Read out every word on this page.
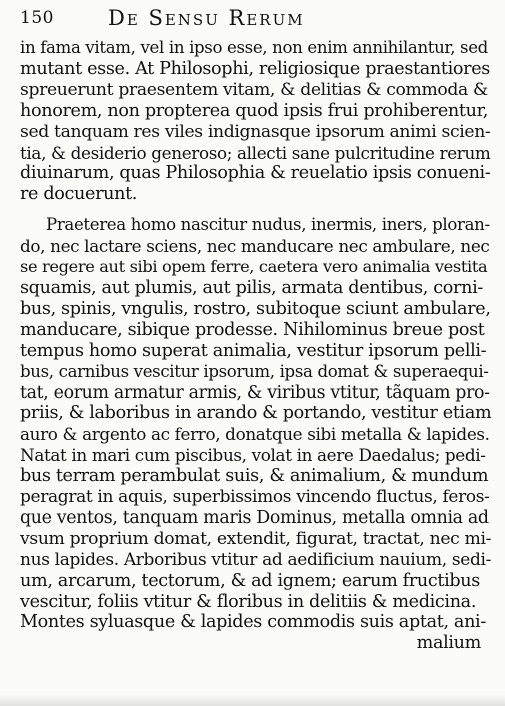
150	De Sensu Rerum
in fama vitam, vel in ipso esse, non enim annihilantur, sed
mutant esse. At Philosophi, religiosique praestantiores
spreuerunt praesentem vitam, & delitias & commoda &
honorem, non propterea quod ipsis frui prohiberentur,
sed tanquam res viles indignasque ipsorum animi scien-
tia, & desiderio generoso; allecti sane pulcritudine rerum
diuinarum, quas Philosophia & reuelatio ipsis conueni-
re docuerunt.
Praeterea homo nascitur nudus, inermis, iners, ploran-
do, nec lactare sciens, nec manducare nec ambulare, nec
se regere aut sibi opem ferre, caetera vero animalia vestita
squamis, aut plumis, aut pilis, armata dentibus, corni-
bus, spinis, vngulis, rostro, subitoque sciunt ambulare,
manducare, sibique prodesse. Nihilominus breue post
tempus homo superat animalia, vestitur ipsorum pelli-
bus, carnibus vescitur ipsorum, ipsa domat & superaequi-
tat, eorum armatur armis, & viribus vtitur, tãquam pro-
priis, & laboribus in arando & portando, vestitur etiam
auro & argento ac ferro, donatque sibi metalla & lapides.
Natat in mari cum piscibus, volat in aere Daedalus; pedi-
bus terram perambulat suis, & animalium, & mundum
peragrat in aquis, superbissimos vincendo fluctus, feros-
que ventos, tanquam maris Dominus, metalla omnia ad
vsum proprium domat, extendit, figurat, tractat, nec mi-
nus lapides. Arboribus vtitur ad aedificium nauium, sedi-
um, arcarum, tectorum, & ad ignem; earum fructibus
vescitur, foliis vtitur & floribus in delitiis & medicina.
Montes syluasque & lapides commodis suis aptat, ani-
malium
